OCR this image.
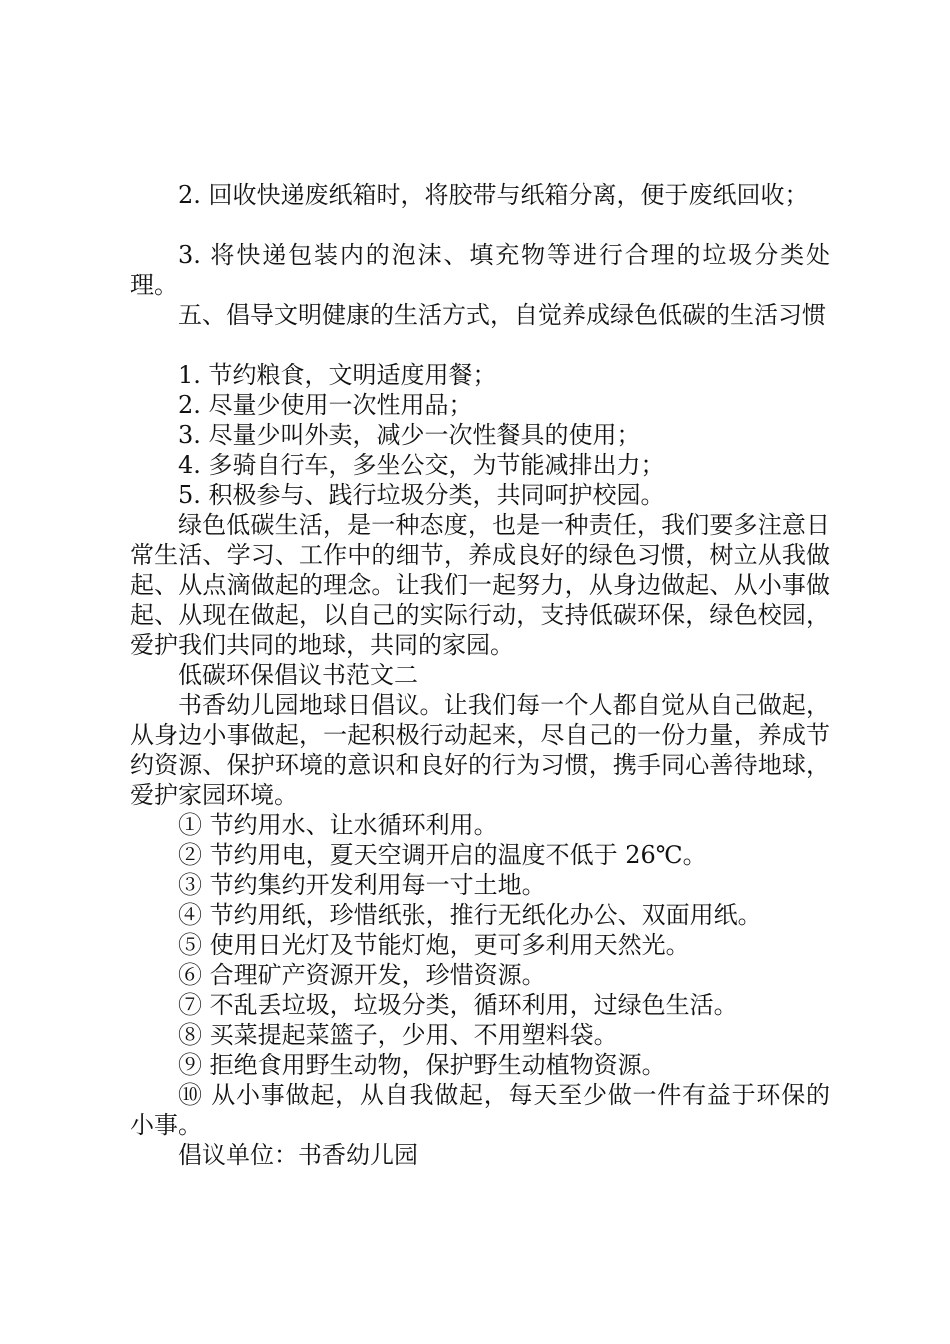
2. 回收快递废纸箱时，将胶带与纸箱分离，便于废纸回收；

3. 将快递包装内的泡沫、填充物等进行合理的垃圾分类处理。

五、倡导文明健康的生活方式，自觉养成绿色低碳的生活习惯

1. 节约粮食，文明适度用餐；

2. 尽量少使用一次性用品；

3. 尽量少叫外卖，减少一次性餐具的使用；

4. 多骑自行车，多坐公交，为节能减排出力；

5. 积极参与、践行垃圾分类，共同呵护校园。

绿色低碳生活，是一种态度，也是一种责任，我们要多注意日常生活、学习、工作中的细节，养成良好的绿色习惯，树立从我做起、从点滴做起的理念。让我们一起努力，从身边做起、从小事做起、从现在做起，以自己的实际行动，支持低碳环保，绿色校园，爱护我们共同的地球，共同的家园。

低碳环保倡议书范文二

书香幼儿园地球日倡议。让我们每一个人都自觉从自己做起，从身边小事做起，一起积极行动起来，尽自己的一份力量，养成节约资源、保护环境的意识和良好的行为习惯，携手同心善待地球，爱护家园环境。

① 节约用水、让水循环利用。

② 节约用电，夏天空调开启的温度不低于 26℃。

③ 节约集约开发利用每一寸土地。

④ 节约用纸，珍惜纸张，推行无纸化办公、双面用纸。

⑤ 使用日光灯及节能灯炮，更可多利用天然光。

⑥ 合理矿产资源开发，珍惜资源。

⑦ 不乱丢垃圾，垃圾分类，循环利用，过绿色生活。

⑧ 买菜提起菜篮子，少用、不用塑料袋。

⑨ 拒绝食用野生动物，保护野生动植物资源。

⑩ 从小事做起，从自我做起，每天至少做一件有益于环保的小事。

倡议单位：书香幼儿园
